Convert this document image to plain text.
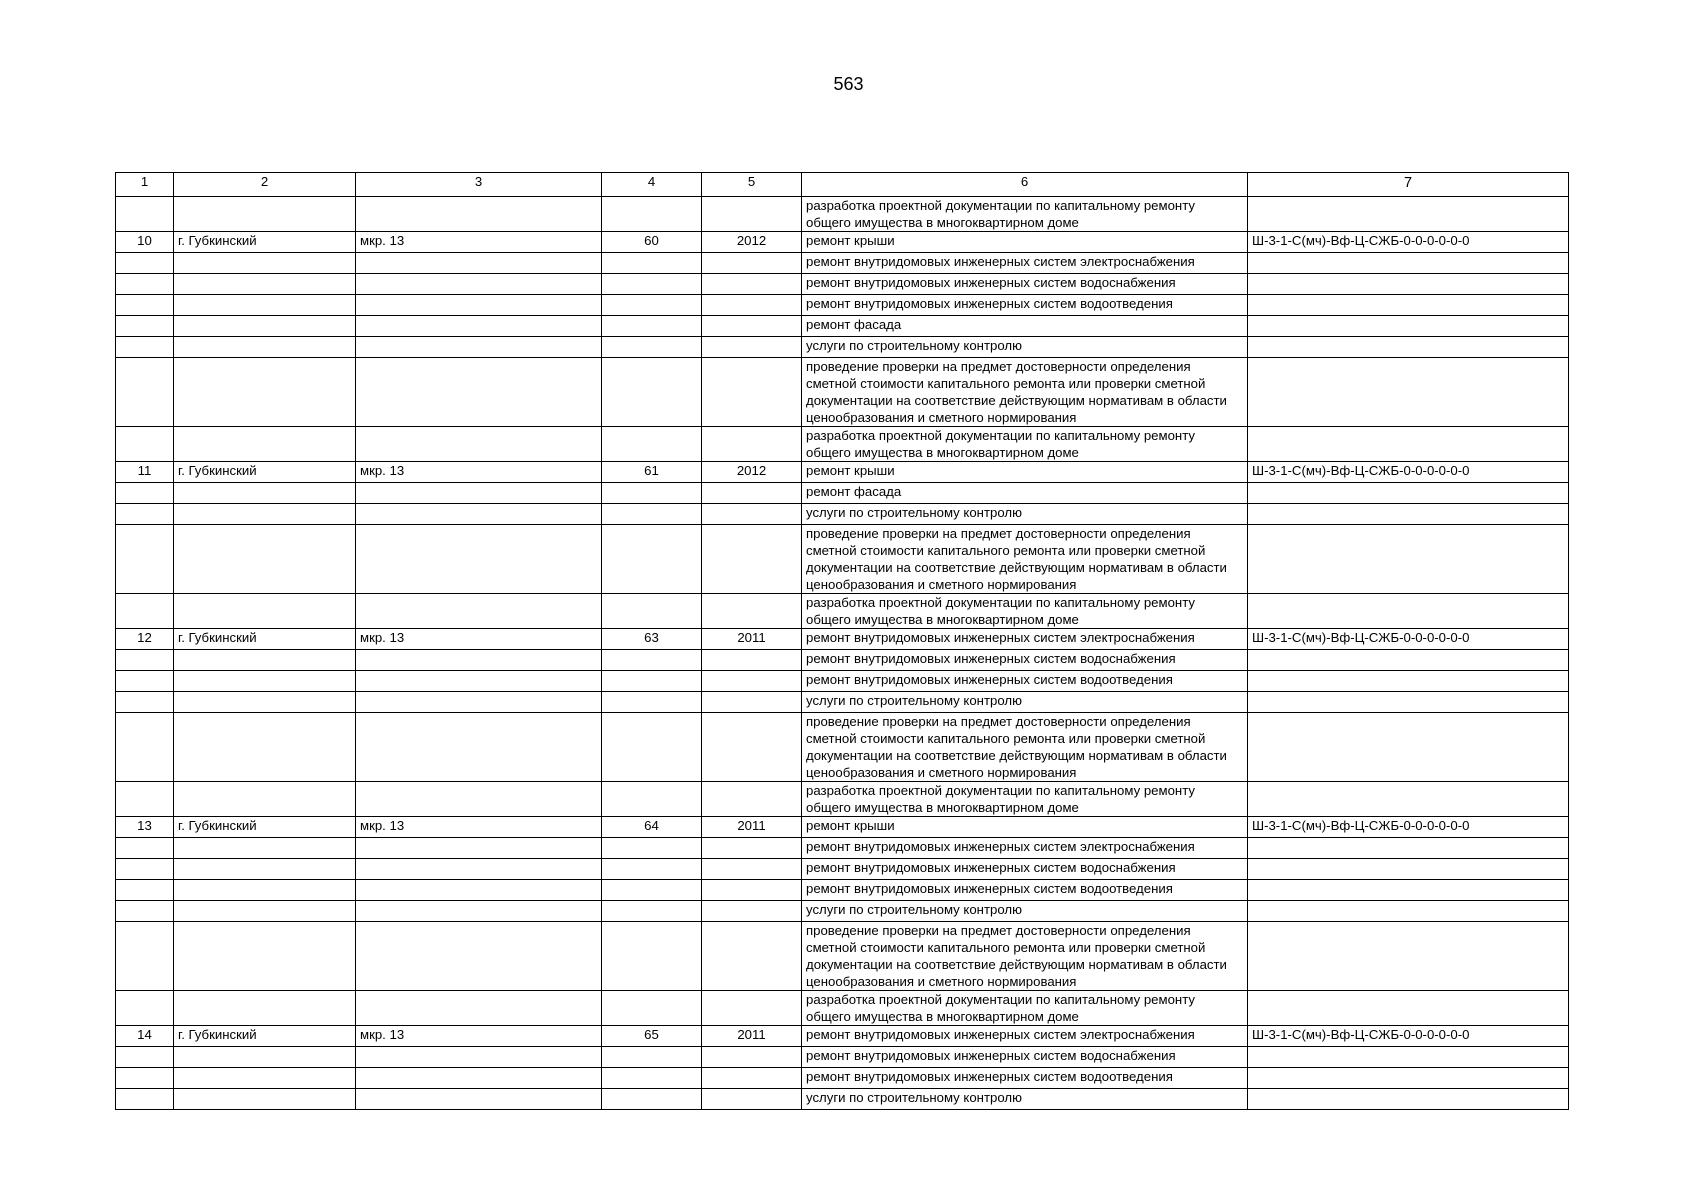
563
1	2	3	4	5	6	7
					разработка проектной документации по капитальному ремонту общего имущества в многоквартирном доме	
10	г. Губкинский	мкр. 13	60	2012	ремонт крыши	Ш-3-1-С(мч)-Вф-Ц-СЖБ-0-0-0-0-0-0
					ремонт внутридомовых инженерных систем электроснабжения	
					ремонт внутридомовых инженерных систем водоснабжения	
					ремонт внутридомовых инженерных систем водоотведения	
					ремонт фасада	
					услуги по строительному контролю	
					проведение проверки на предмет достоверности определения сметной стоимости капитального ремонта или проверки сметной документации на соответствие действующим нормативам в области ценообразования и сметного нормирования	
					разработка проектной документации по капитальному ремонту общего имущества в многоквартирном доме	
11	г. Губкинский	мкр. 13	61	2012	ремонт крыши	Ш-3-1-С(мч)-Вф-Ц-СЖБ-0-0-0-0-0-0
					ремонт фасада	
					услуги по строительному контролю	
					проведение проверки на предмет достоверности определения сметной стоимости капитального ремонта или проверки сметной документации на соответствие действующим нормативам в области ценообразования и сметного нормирования	
					разработка проектной документации по капитальному ремонту общего имущества в многоквартирном доме	
12	г. Губкинский	мкр. 13	63	2011	ремонт внутридомовых инженерных систем электроснабжения	Ш-3-1-С(мч)-Вф-Ц-СЖБ-0-0-0-0-0-0
					ремонт внутридомовых инженерных систем водоснабжения	
					ремонт внутридомовых инженерных систем водоотведения	
					услуги по строительному контролю	
					проведение проверки на предмет достоверности определения сметной стоимости капитального ремонта или проверки сметной документации на соответствие действующим нормативам в области ценообразования и сметного нормирования	
					разработка проектной документации по капитальному ремонту общего имущества в многоквартирном доме	
13	г. Губкинский	мкр. 13	64	2011	ремонт крыши	Ш-3-1-С(мч)-Вф-Ц-СЖБ-0-0-0-0-0-0
					ремонт внутридомовых инженерных систем электроснабжения	
					ремонт внутридомовых инженерных систем водоснабжения	
					ремонт внутридомовых инженерных систем водоотведения	
					услуги по строительному контролю	
					проведение проверки на предмет достоверности определения сметной стоимости капитального ремонта или проверки сметной документации на соответствие действующим нормативам в области ценообразования и сметного нормирования	
					разработка проектной документации по капитальному ремонту общего имущества в многоквартирном доме	
14	г. Губкинский	мкр. 13	65	2011	ремонт внутридомовых инженерных систем электроснабжения	Ш-3-1-С(мч)-Вф-Ц-СЖБ-0-0-0-0-0-0
					ремонт внутридомовых инженерных систем водоснабжения	
					ремонт внутридомовых инженерных систем водоотведения	
					услуги по строительному контролю	
